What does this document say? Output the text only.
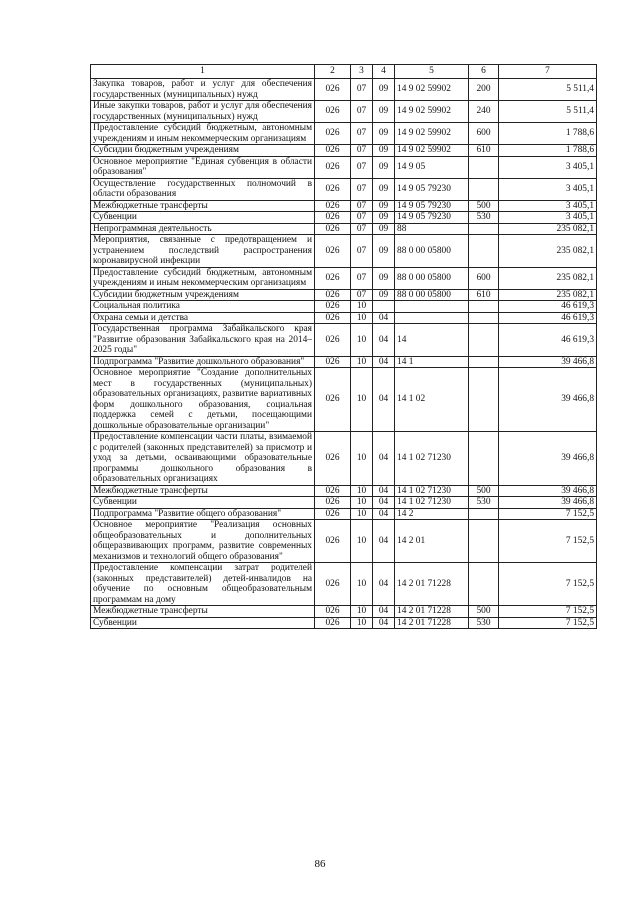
1	2	3	4	5	6	7
Закупка товаров, работ и услуг для обеспечения государственных (муниципальных) нужд	026	07	09	14 9 02 59902	200	5 511,4
Иные закупки товаров, работ и услуг для обеспечения государственных (муниципальных) нужд	026	07	09	14 9 02 59902	240	5 511,4
Предоставление субсидий бюджетным, автономным учреждениям и иным некоммерческим организациям	026	07	09	14 9 02 59902	600	1 788,6
Субсидии бюджетным учреждениям	026	07	09	14 9 02 59902	610	1 788,6
Основное мероприятие "Единая субвенция в области образования"	026	07	09	14 9 05		3 405,1
Осуществление государственных полномочий в области образования	026	07	09	14 9 05 79230		3 405,1
Межбюджетные трансферты	026	07	09	14 9 05 79230	500	3 405,1
Субвенции	026	07	09	14 9 05 79230	530	3 405,1
Непрограммная деятельность	026	07	09	88		235 082,1
Мероприятия, связанные с предотвращением и устранением последствий распространения коронавирусной инфекции	026	07	09	88 0 00 05800		235 082,1
Предоставление субсидий бюджетным, автономным учреждениям и иным некоммерческим организациям	026	07	09	88 0 00 05800	600	235 082,1
Субсидии бюджетным учреждениям	026	07	09	88 0 00 05800	610	235 082,1
Социальная политика	026	10				46 619,3
Охрана семьи и детства	026	10	04			46 619,3
Государственная программа Забайкальского края "Развитие образования Забайкальского края на 2014–2025 годы"	026	10	04	14		46 619,3
Подпрограмма "Развитие дошкольного образования"	026	10	04	14 1		39 466,8
Основное мероприятие "Создание дополнительных мест в государственных (муниципальных) образовательных организациях, развитие вариативных форм дошкольного образования, социальная поддержка семей с детьми, посещающими дошкольные образовательные организации"	026	10	04	14 1 02		39 466,8
Предоставление компенсации части платы, взимаемой с родителей (законных представителей) за присмотр и уход за детьми, осваивающими образовательные программы дошкольного образования в образовательных организациях	026	10	04	14 1 02 71230		39 466,8
Межбюджетные трансферты	026	10	04	14 1 02 71230	500	39 466,8
Субвенции	026	10	04	14 1 02 71230	530	39 466,8
Подпрограмма "Развитие общего образования"	026	10	04	14 2		7 152,5
Основное мероприятие "Реализация основных общеобразовательных и дополнительных общеразвивающих программ, развитие современных механизмов и технологий общего образования"	026	10	04	14 2 01		7 152,5
Предоставление компенсации затрат родителей (законных представителей) детей-инвалидов на обучение по основным общеобразовательным программам на дому	026	10	04	14 2 01 71228		7 152,5
Межбюджетные трансферты	026	10	04	14 2 01 71228	500	7 152,5
Субвенции	026	10	04	14 2 01 71228	530	7 152,5
86
